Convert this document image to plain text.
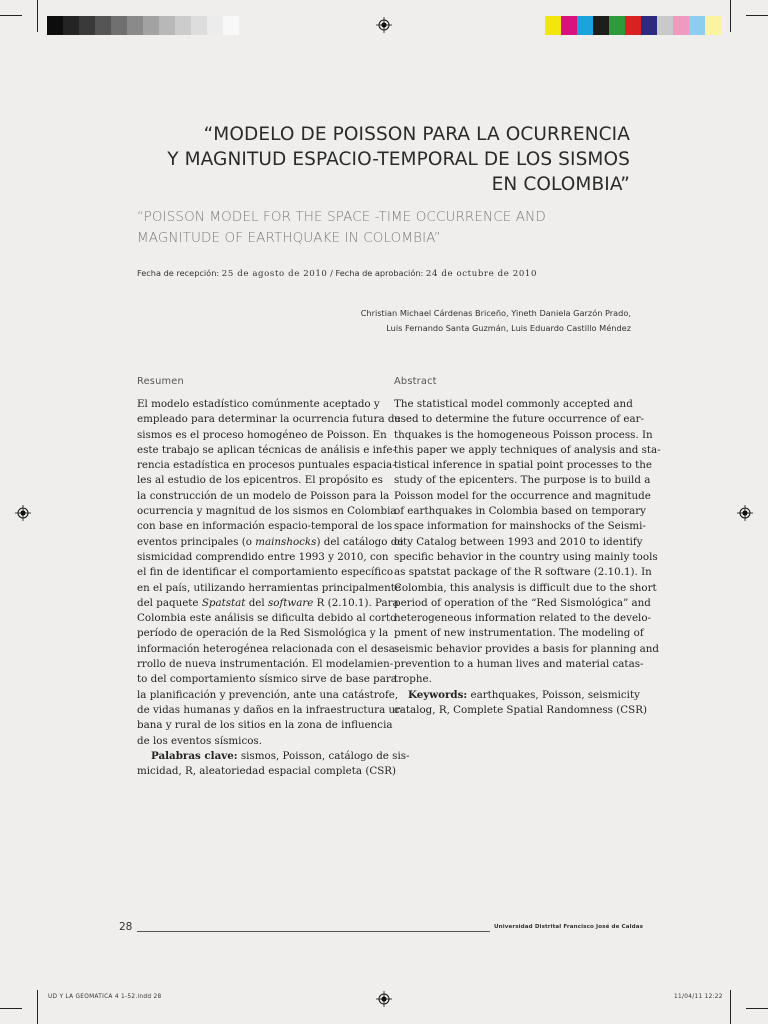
“MODELO DE POISSON PARA LA OCURRENCIA
Y MAGNITUD ESPACIO-TEMPORAL DE LOS SISMOS
EN COLOMBIA”
“POISSON MODEL FOR THE SPACE -TIME OCCURRENCE AND
MAGNITUDE OF EARTHQUAKE IN COLOMBIA”
Fecha de recepción: 25 de agosto de 2010 / Fecha de aprobación: 24 de octubre de 2010
Christian Michael Cárdenas Briceño, Yineth Daniela Garzón Prado,
Luis Fernando Santa Guzmán, Luis Eduardo Castillo Méndez
Resumen
El modelo estadístico comúnmente aceptado y
empleado para determinar la ocurrencia futura de
sismos es el proceso homogéneo de Poisson. En
este trabajo se aplican técnicas de análisis e infe-
rencia estadística en procesos puntuales espacia-
les al estudio de los epicentros. El propósito es
la construcción de un modelo de Poisson para la
ocurrencia y magnitud de los sismos en Colombia
con base en información espacio-temporal de los
eventos principales (o mainshocks) del catálogo de
sismicidad comprendido entre 1993 y 2010, con
el fin de identificar el comportamiento específico
en el país, utilizando herramientas principalmente
del paquete Spatstat del software R (2.10.1). Para
Colombia este análisis se dificulta debido al corto
período de operación de la Red Sismológica y la
información heterogénea relacionada con el desa-
rrollo de nueva instrumentación. El modelamien-
to del comportamiento sísmico sirve de base para
la planificación y prevención, ante una catástrofe,
de vidas humanas y daños en la infraestructura ur-
bana y rural de los sitios en la zona de influencia
de los eventos sísmicos.
Palabras clave: sismos, Poisson, catálogo de sis-
micidad, R, aleatoriedad espacial completa (CSR)
Abstract
The statistical model commonly accepted and
used to determine the future occurrence of ear-
thquakes is the homogeneous Poisson process. In
this paper we apply techniques of analysis and sta-
tistical inference in spatial point processes to the
study of the epicenters. The purpose is to build a
Poisson model for the occurrence and magnitude
of earthquakes in Colombia based on temporary
space information for mainshocks of the Seismi-
city Catalog between 1993 and 2010 to identify
specific behavior in the country using mainly tools
as spatstat package of the R software (2.10.1). In
Colombia, this analysis is difficult due to the short
period of operation of the “Red Sismológica” and
heterogeneous information related to the develo-
pment of new instrumentation. The modeling of
seismic behavior provides a basis for planning and
prevention to a human lives and material catas-
trophe.
Keywords: earthquakes, Poisson, seismicity
catalog, R, Complete Spatial Randomness (CSR)
28	Universidad Distrital Francisco José de Caldas
UD Y LA GEOMATICA 4 1-52.indd 28	11/04/11 12:22
